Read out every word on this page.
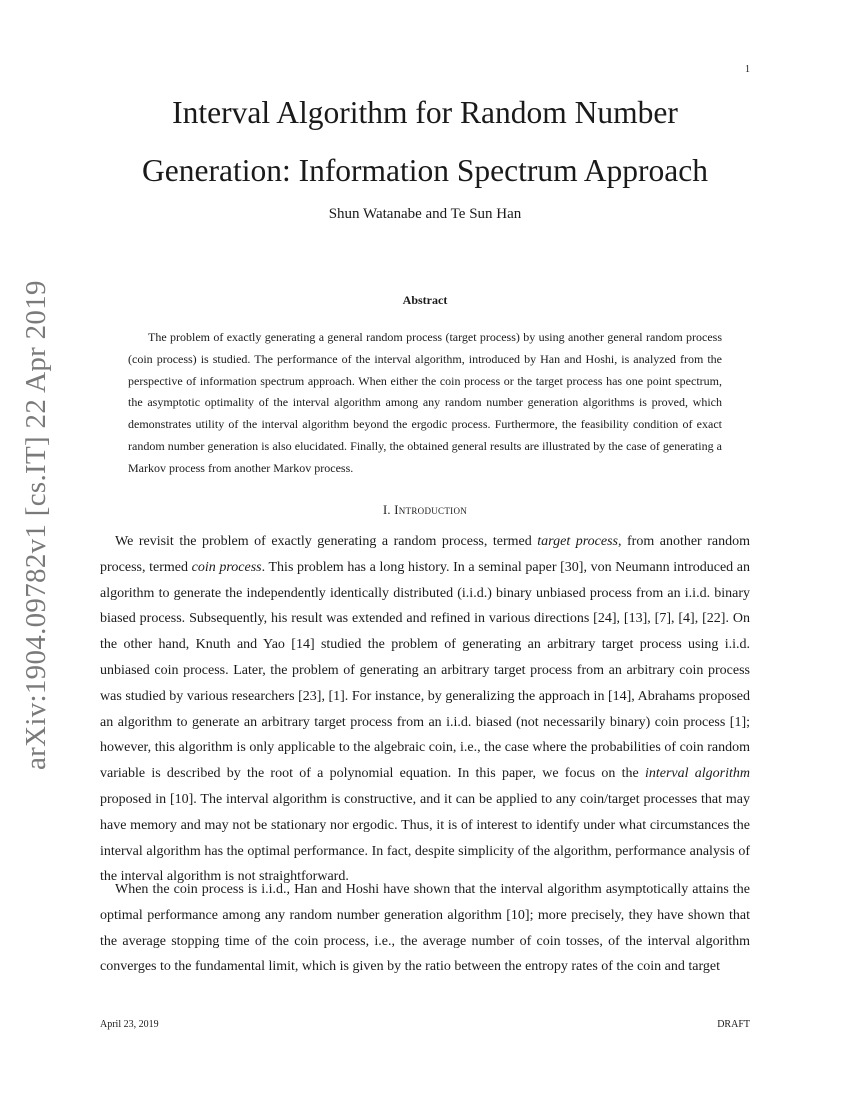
1
arXiv:1904.09782v1 [cs.IT] 22 Apr 2019
Interval Algorithm for Random Number Generation: Information Spectrum Approach
Shun Watanabe and Te Sun Han
Abstract

The problem of exactly generating a general random process (target process) by using another general random process (coin process) is studied. The performance of the interval algorithm, introduced by Han and Hoshi, is analyzed from the perspective of information spectrum approach. When either the coin process or the target process has one point spectrum, the asymptotic optimality of the interval algorithm among any random number generation algorithms is proved, which demonstrates utility of the interval algorithm beyond the ergodic process. Furthermore, the feasibility condition of exact random number generation is also elucidated. Finally, the obtained general results are illustrated by the case of generating a Markov process from another Markov process.

I. Introduction

We revisit the problem of exactly generating a random process, termed target process, from another random process, termed coin process. This problem has a long history. In a seminal paper [30], von Neumann introduced an algorithm to generate the independently identically distributed (i.i.d.) binary unbiased process from an i.i.d. binary biased process. Subsequently, his result was extended and refined in various directions [24], [13], [7], [4], [22]. On the other hand, Knuth and Yao [14] studied the problem of generating an arbitrary target process using i.i.d. unbiased coin process. Later, the problem of generating an arbitrary target process from an arbitrary coin process was studied by various researchers [23], [1]. For instance, by generalizing the approach in [14], Abrahams proposed an algorithm to generate an arbitrary target process from an i.i.d. biased (not necessarily binary) coin process [1]; however, this algorithm is only applicable to the algebraic coin, i.e., the case where the probabilities of coin random variable is described by the root of a polynomial equation. In this paper, we focus on the interval algorithm proposed in [10]. The interval algorithm is constructive, and it can be applied to any coin/target processes that may have memory and may not be stationary nor ergodic. Thus, it is of interest to identify under what circumstances the interval algorithm has the optimal performance. In fact, despite simplicity of the algorithm, performance analysis of the interval algorithm is not straightforward.

When the coin process is i.i.d., Han and Hoshi have shown that the interval algorithm asymptotically attains the optimal performance among any random number generation algorithm [10]; more precisely, they have shown that the average stopping time of the coin process, i.e., the average number of coin tosses, of the interval algorithm converges to the fundamental limit, which is given by the ratio between the entropy rates of the coin and target

April 23, 2019	DRAFT
